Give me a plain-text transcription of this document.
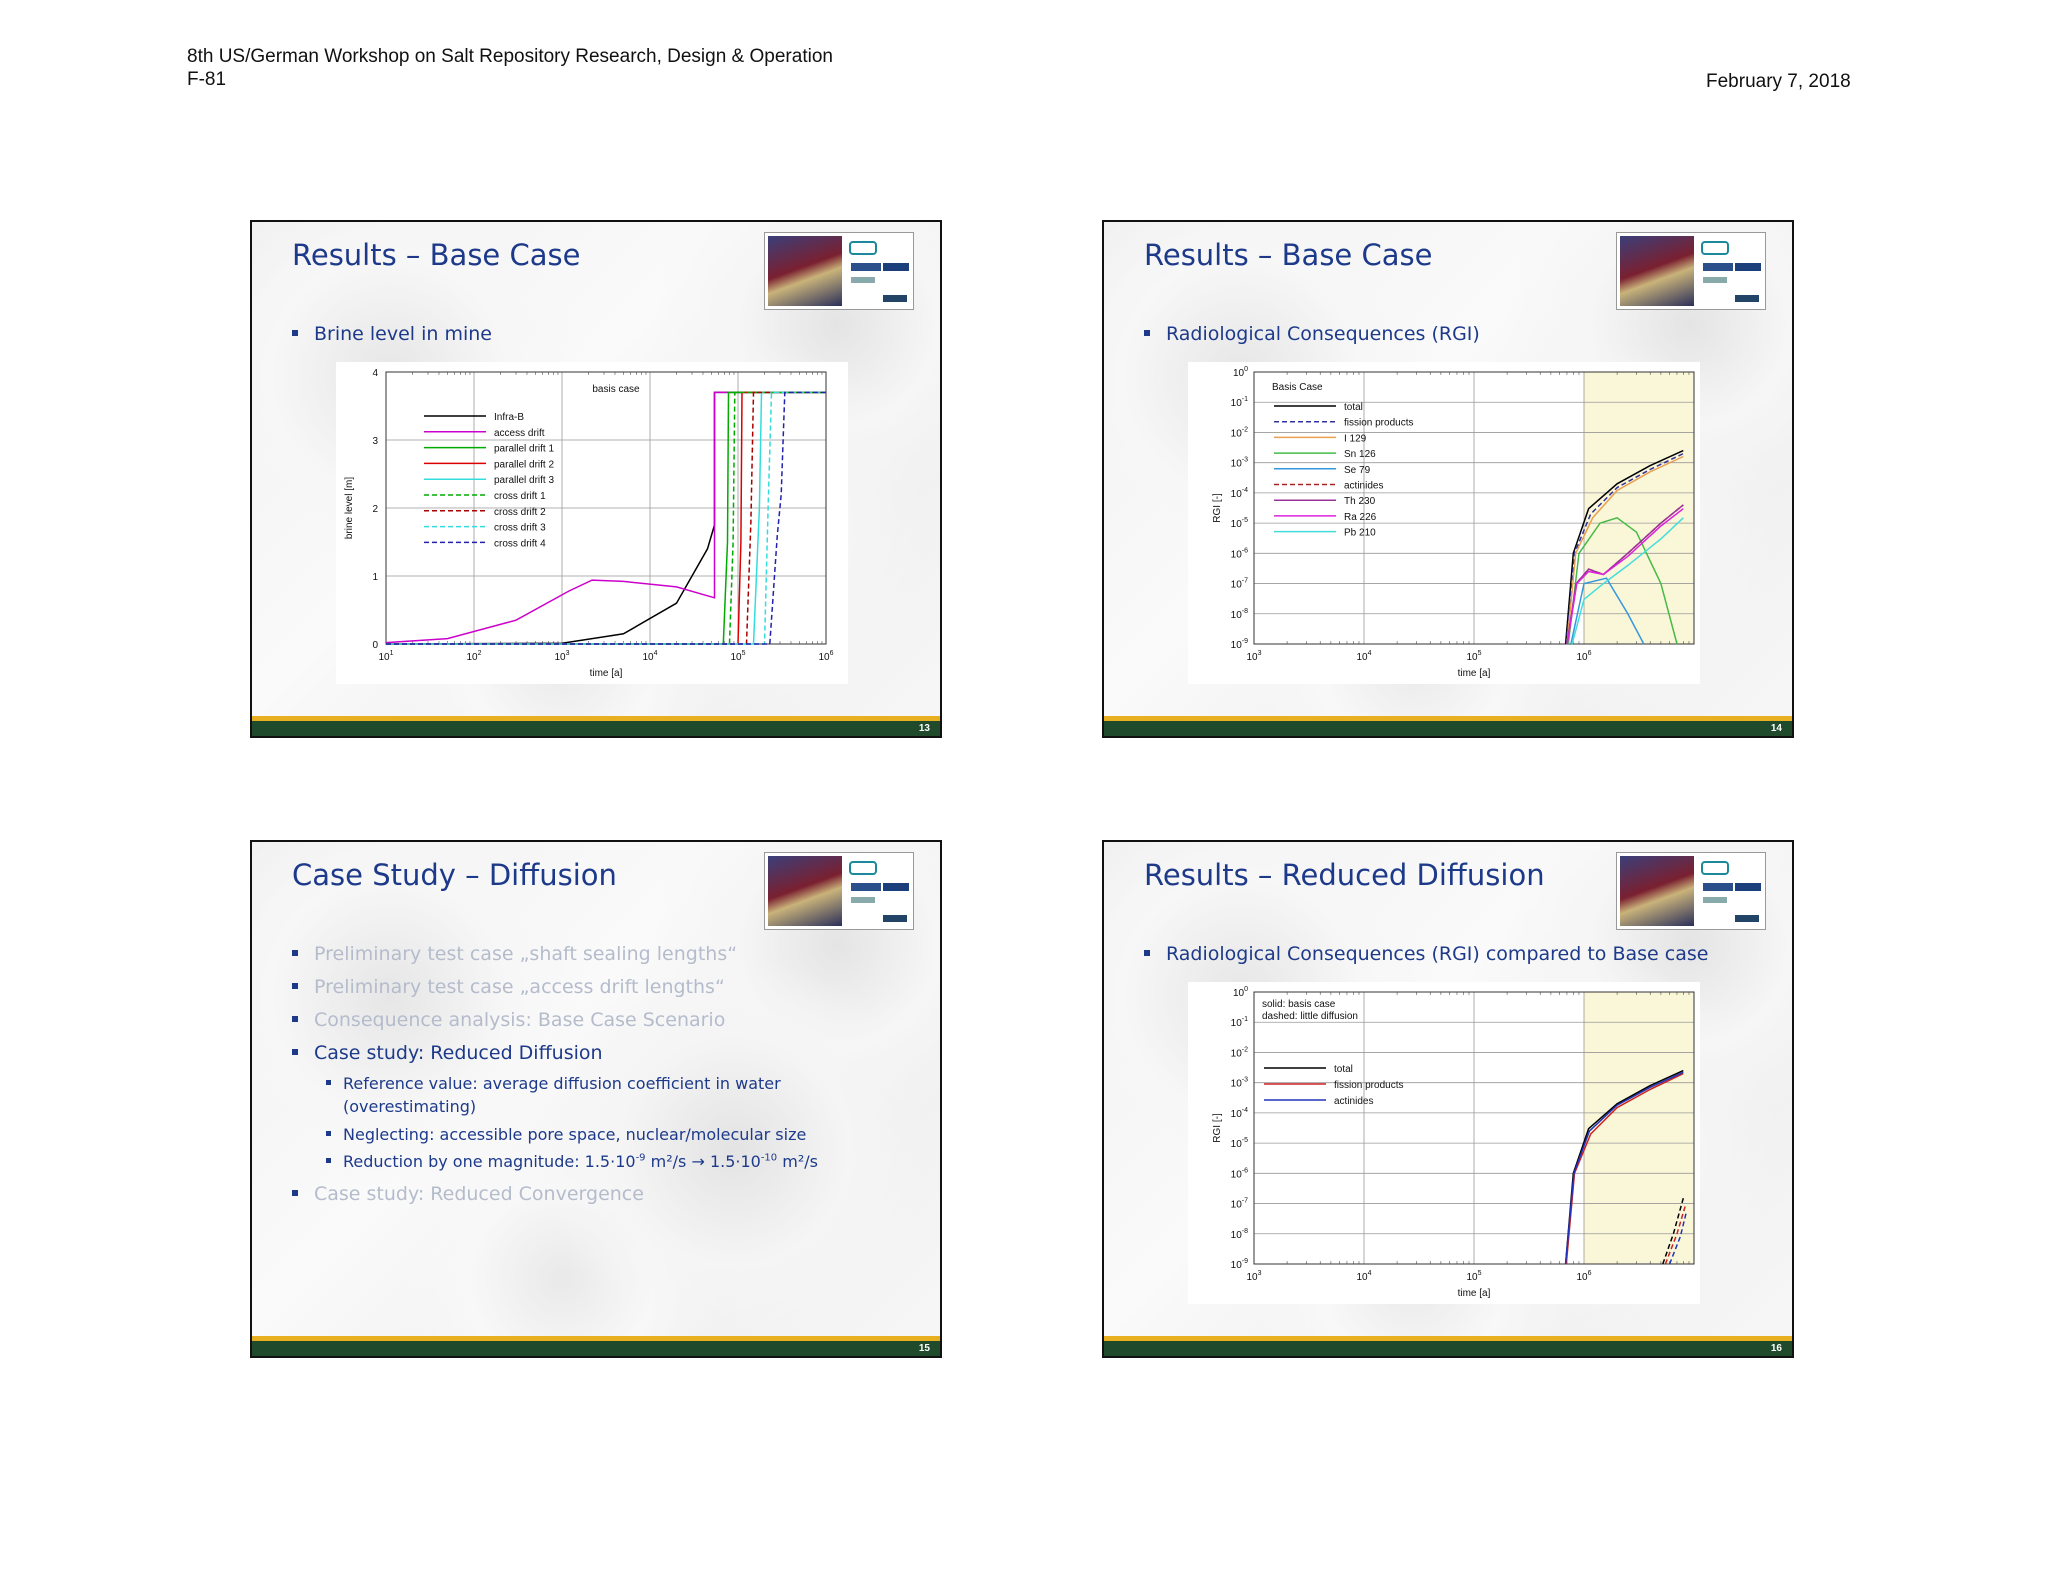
8th US/German Workshop on Salt Repository Research, Design & Operation
F-81	February 7, 2018
Results – Base Case
Brine level in mine
$10^1$	$10^2$	$10^3$	$10^4$	$10^5$	$10^6$
0
1
2
3
4
time [a]
brine level [m]
basis case
Infra-B
access drift
parallel drift 1
parallel drift 2
parallel drift 3
cross drift 1
cross drift 2
cross drift 3
cross drift 4
13
Results – Base Case
Radiological Consequences (RGI)
$10^3$	$10^4$	$10^5$	$10^6$
$10^0$
$10^{-1}$
$10^{-2}$
$10^{-3}$
$10^{-4}$
$10^{-5}$
$10^{-6}$
$10^{-7}$
$10^{-8}$
$10^{-9}$
time [a]
RGI [-]
Basis Case
total
fission products
I 129
Sn 126
Se 79
actinides
Th 230
Ra 226
Pb 210
14
Case Study – Diffusion
Preliminary test case „shaft sealing lengths“
Preliminary test case „access drift lengths“
Consequence analysis: Base Case Scenario
Case study: Reduced Diffusion
Reference value: average diffusion coefficient in water
(overestimating)
Neglecting: accessible pore space, nuclear/molecular size
Reduction by one magnitude: $1.5\cdot 10^{-9}$ $m^2/s \to 1.5\cdot 10^{-10}$ m²/s
Case study: Reduced Convergence
15
Results – Reduced Diffusion
Radiological Consequences (RGI) compared to Base case
$10^3$	$10^4$	$10^5$	$10^6$
$10^0$
$10^{-1}$
$10^{-2}$
$10^{-3}$
$10^{-4}$
$10^{-5}$
$10^{-6}$
$10^{-7}$
$10^{-8}$
$10^{-9}$
time [a]
RGI [-]
solid: basis case
dashed: little diffusion
total
fission products
actinides
16
